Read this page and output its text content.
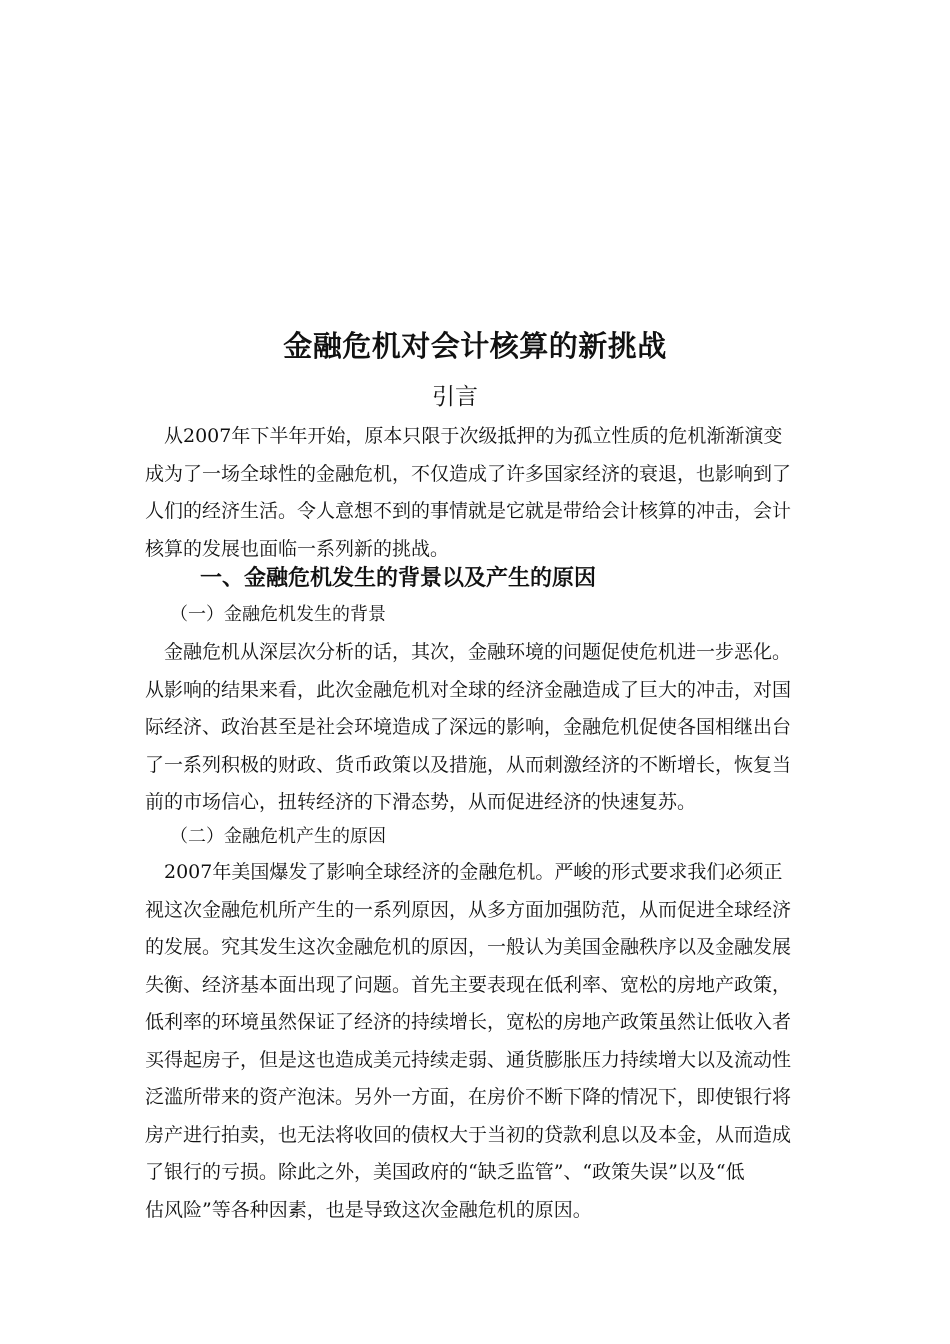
金融危机对会计核算的新挑战
引言
　从2007年下半年开始，原本只限于次级抵押的为孤立性质的危机渐渐演变
成为了一场全球性的金融危机，不仅造成了许多国家经济的衰退，也影响到了
人们的经济生活。令人意想不到的事情就是它就是带给会计核算的冲击，会计
核算的发展也面临一系列新的挑战。
一、金融危机发生的背景以及产生的原因
（一）金融危机发生的背景
　金融危机从深层次分析的话，其次，金融环境的问题促使危机进一步恶化。
从影响的结果来看，此次金融危机对全球的经济金融造成了巨大的冲击，对国
际经济、政治甚至是社会环境造成了深远的影响，金融危机促使各国相继出台
了一系列积极的财政、货币政策以及措施，从而刺激经济的不断增长，恢复当
前的市场信心，扭转经济的下滑态势，从而促进经济的快速复苏。
（二）金融危机产生的原因
　2007年美国爆发了影响全球经济的金融危机。严峻的形式要求我们必须正
视这次金融危机所产生的一系列原因，从多方面加强防范，从而促进全球经济
的发展。究其发生这次金融危机的原因，一般认为美国金融秩序以及金融发展
失衡、经济基本面出现了问题。首先主要表现在低利率、宽松的房地产政策，
低利率的环境虽然保证了经济的持续增长，宽松的房地产政策虽然让低收入者
买得起房子，但是这也造成美元持续走弱、通货膨胀压力持续增大以及流动性
泛滥所带来的资产泡沫。另外一方面，在房价不断下降的情况下，即使银行将
房产进行拍卖，也无法将收回的债权大于当初的贷款利息以及本金，从而造成
了银行的亏损。除此之外，美国政府的“缺乏监管”、“政策失误”以及“低
估风险”等各种因素，也是导致这次金融危机的原因。
